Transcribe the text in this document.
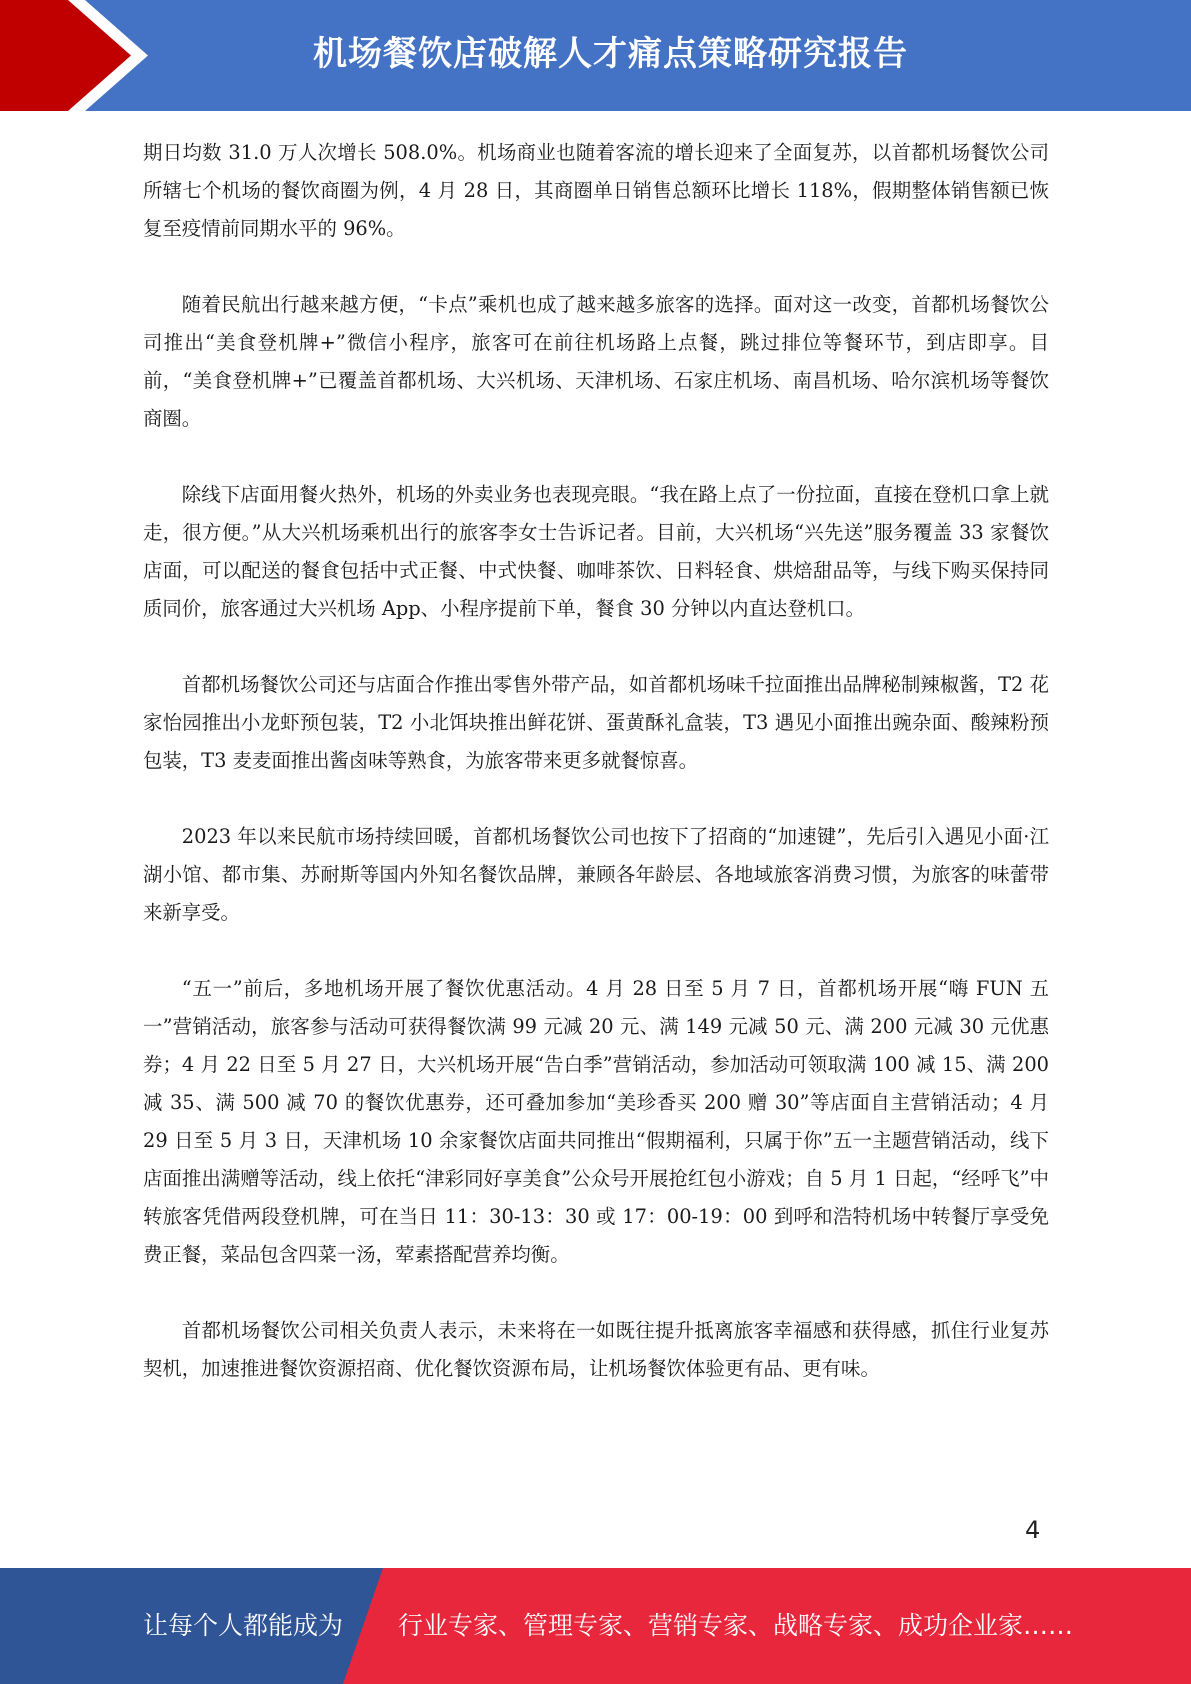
机场餐饮店破解人才痛点策略研究报告

期日均数 31.0 万人次增长 508.0%。机场商业也随着客流的增长迎来了全面复苏，以首都机场餐饮公司所辖七个机场的餐饮商圈为例，4 月 28 日，其商圈单日销售总额环比增长 118%，假期整体销售额已恢复至疫情前同期水平的 96%。

随着民航出行越来越方便，“卡点”乘机也成了越来越多旅客的选择。面对这一改变，首都机场餐饮公司推出“美食登机牌+”微信小程序，旅客可在前往机场路上点餐，跳过排位等餐环节，到店即享。目前，“美食登机牌+”已覆盖首都机场、大兴机场、天津机场、石家庄机场、南昌机场、哈尔滨机场等餐饮商圈。

除线下店面用餐火热外，机场的外卖业务也表现亮眼。“我在路上点了一份拉面，直接在登机口拿上就走，很方便。”从大兴机场乘机出行的旅客李女士告诉记者。目前，大兴机场“兴先送”服务覆盖 33 家餐饮店面，可以配送的餐食包括中式正餐、中式快餐、咖啡茶饮、日料轻食、烘焙甜品等，与线下购买保持同质同价，旅客通过大兴机场 App、小程序提前下单，餐食 30 分钟以内直达登机口。

首都机场餐饮公司还与店面合作推出零售外带产品，如首都机场味千拉面推出品牌秘制辣椒酱，T2 花家怡园推出小龙虾预包装，T2 小北饵块推出鲜花饼、蛋黄酥礼盒装，T3 遇见小面推出豌杂面、酸辣粉预包装，T3 麦麦面推出酱卤味等熟食，为旅客带来更多就餐惊喜。

2023 年以来民航市场持续回暖，首都机场餐饮公司也按下了招商的“加速键”，先后引入遇见小面·江湖小馆、都市集、苏耐斯等国内外知名餐饮品牌，兼顾各年龄层、各地域旅客消费习惯，为旅客的味蕾带来新享受。

“五一”前后，多地机场开展了餐饮优惠活动。4 月 28 日至 5 月 7 日，首都机场开展“嗨 FUN 五一”营销活动，旅客参与活动可获得餐饮满 99 元减 20 元、满 149 元减 50 元、满 200 元减 30 元优惠券；4 月 22 日至 5 月 27 日，大兴机场开展“告白季”营销活动，参加活动可领取满 100 减 15、满 200 减 35、满 500 减 70 的餐饮优惠券，还可叠加参加“美珍香买 200 赠 30”等店面自主营销活动；4 月 29 日至 5 月 3 日，天津机场 10 余家餐饮店面共同推出“假期福利，只属于你”五一主题营销活动，线下店面推出满赠等活动，线上依托“津彩同好享美食”公众号开展抢红包小游戏；自 5 月 1 日起，“经呼飞”中转旅客凭借两段登机牌，可在当日 11：30-13：30 或 17：00-19：00 到呼和浩特机场中转餐厅享受免费正餐，菜品包含四菜一汤，荤素搭配营养均衡。

首都机场餐饮公司相关负责人表示，未来将在一如既往提升抵离旅客幸福感和获得感，抓住行业复苏契机，加速推进餐饮资源招商、优化餐饮资源布局，让机场餐饮体验更有品、更有味。

4
让每个人都能成为 行业专家、管理专家、营销专家、战略专家、成功企业家……
